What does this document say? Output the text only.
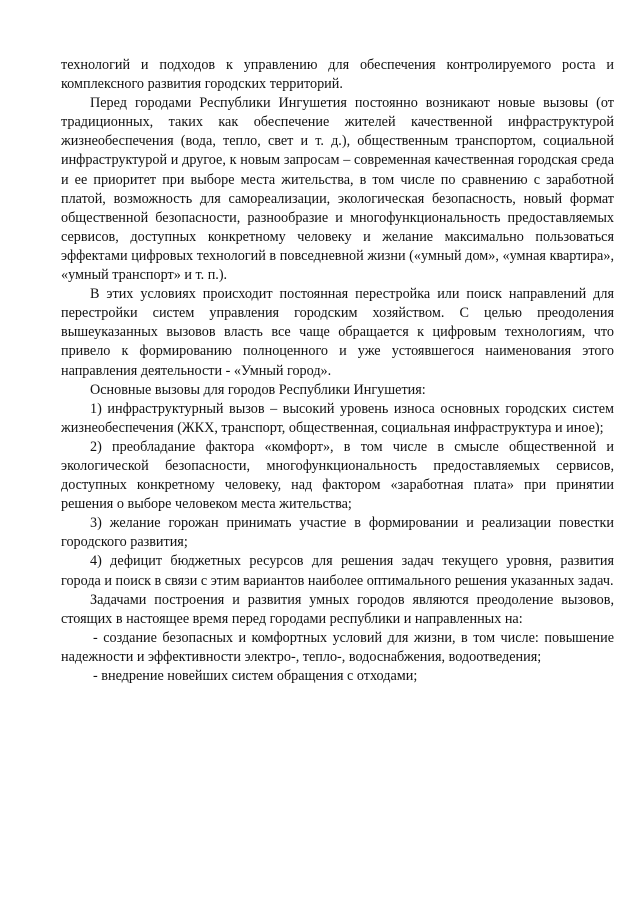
технологий и подходов к управлению для обеспечения контролируемого роста и комплексного развития городских территорий.

Перед городами Республики Ингушетия постоянно возникают новые вызовы (от традиционных, таких как обеспечение жителей качественной инфраструктурой жизнеобеспечения (вода, тепло, свет и т. д.), общественным транспортом, социальной инфраструктурой и другое, к новым запросам – современная качественная городская среда и ее приоритет при выборе места жительства, в том числе по сравнению с заработной платой, возможность для самореализации, экологическая безопасность, новый формат общественной безопасности, разнообразие и многофункциональность предоставляемых сервисов, доступных конкретному человеку и желание максимально пользоваться эффектами цифровых технологий в повседневной жизни («умный дом», «умная квартира», «умный транспорт» и т. п.).

В этих условиях происходит постоянная перестройка или поиск направлений для перестройки систем управления городским хозяйством. С целью преодоления вышеуказанных вызовов власть все чаще обращается к цифровым технологиям, что привело к формированию полноценного и уже устоявшегося наименования этого направления деятельности - «Умный город».

Основные вызовы для городов Республики Ингушетия:

1) инфраструктурный вызов – высокий уровень износа основных городских систем жизнеобеспечения (ЖКХ, транспорт, общественная, социальная инфраструктура и иное);

2) преобладание фактора «комфорт», в том числе в смысле общественной и экологической безопасности, многофункциональность предоставляемых сервисов, доступных конкретному человеку, над фактором «заработная плата» при принятии решения о выборе человеком места жительства;

3) желание горожан принимать участие в формировании и реализации повестки городского развития;

4) дефицит бюджетных ресурсов для решения задач текущего уровня, развития города и поиск в связи с этим вариантов наиболее оптимального решения указанных задач.

Задачами построения и развития умных городов являются преодоление вызовов, стоящих в настоящее время перед городами республики и направленных на:

- создание безопасных и комфортных условий для жизни, в том числе: повышение надежности и эффективности электро-, тепло-, водоснабжения, водоотведения;

- внедрение новейших систем обращения с отходами;
